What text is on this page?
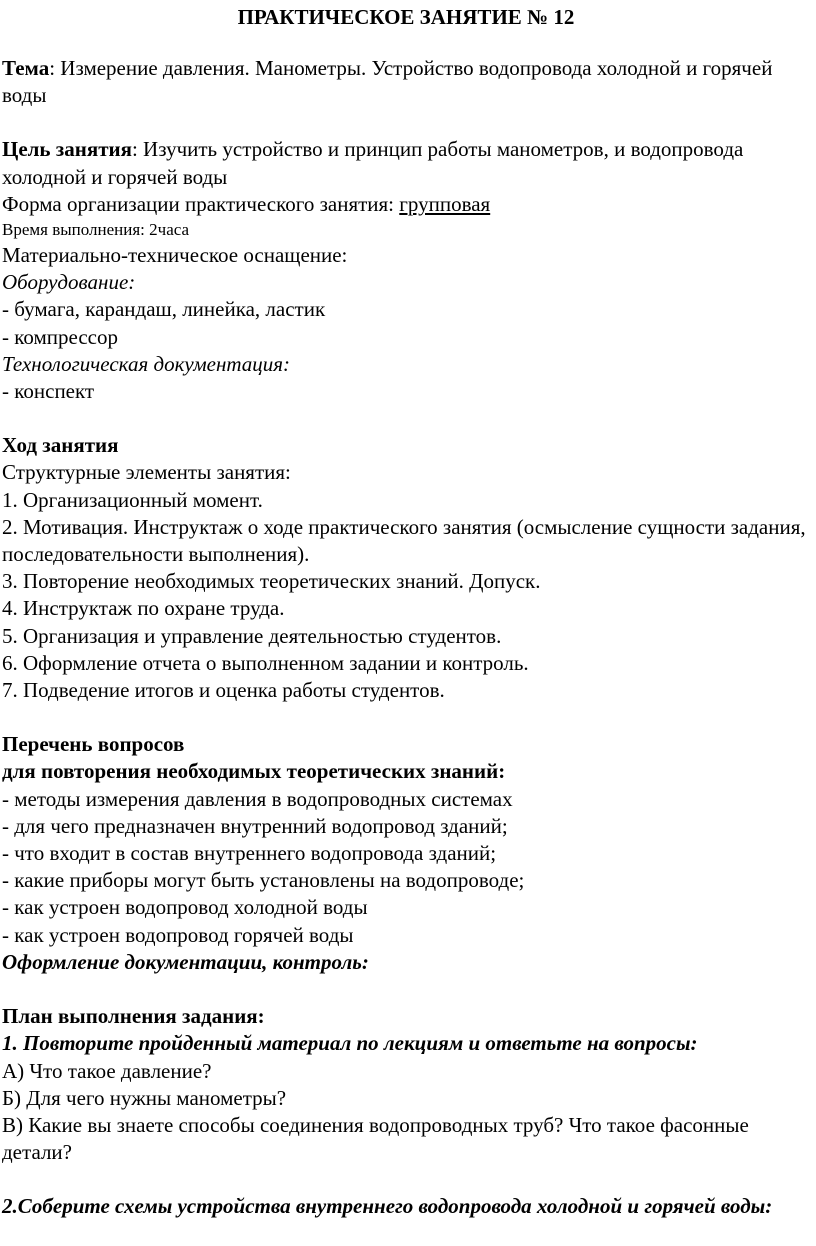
ПРАКТИЧЕСКОЕ ЗАНЯТИЕ № 12

Тема: Измерение давления. Манометры. Устройство водопровода холодной и горячей воды

Цель занятия: Изучить устройство и принцип работы манометров, и водопровода холодной и горячей воды

Форма организации практического занятия: групповая

Время выполнения: 2часа

Материально-техническое оснащение:

Оборудование:

- бумага, карандаш, линейка, ластик

- компрессор

Технологическая документация:

- конспект

Ход занятия

Структурные элементы занятия:

1. Организационный момент.

2. Мотивация. Инструктаж о ходе практического занятия (осмысление сущности задания, последовательности выполнения).

3. Повторение необходимых теоретических знаний. Допуск.

4. Инструктаж по охране труда.

5. Организация и управление деятельностью студентов.

6. Оформление отчета о выполненном задании и контроль.

7. Подведение итогов и оценка работы студентов.

Перечень вопросов

для повторения необходимых теоретических знаний:

- методы измерения давления в водопроводных системах

- для чего предназначен внутренний водопровод зданий;

- что входит в состав внутреннего водопровода зданий;

- какие приборы могут быть установлены на водопроводе;

- как устроен водопровод холодной воды

- как устроен водопровод горячей воды

Оформление документации, контроль:

План выполнения задания:

1. Повторите пройденный материал по лекциям и ответьте на вопросы:

А) Что такое давление?

Б) Для чего нужны манометры?

В) Какие вы знаете способы соединения водопроводных труб? Что такое фасонные детали?

2.Соберите схемы устройства внутреннего водопровода холодной и горячей воды:
